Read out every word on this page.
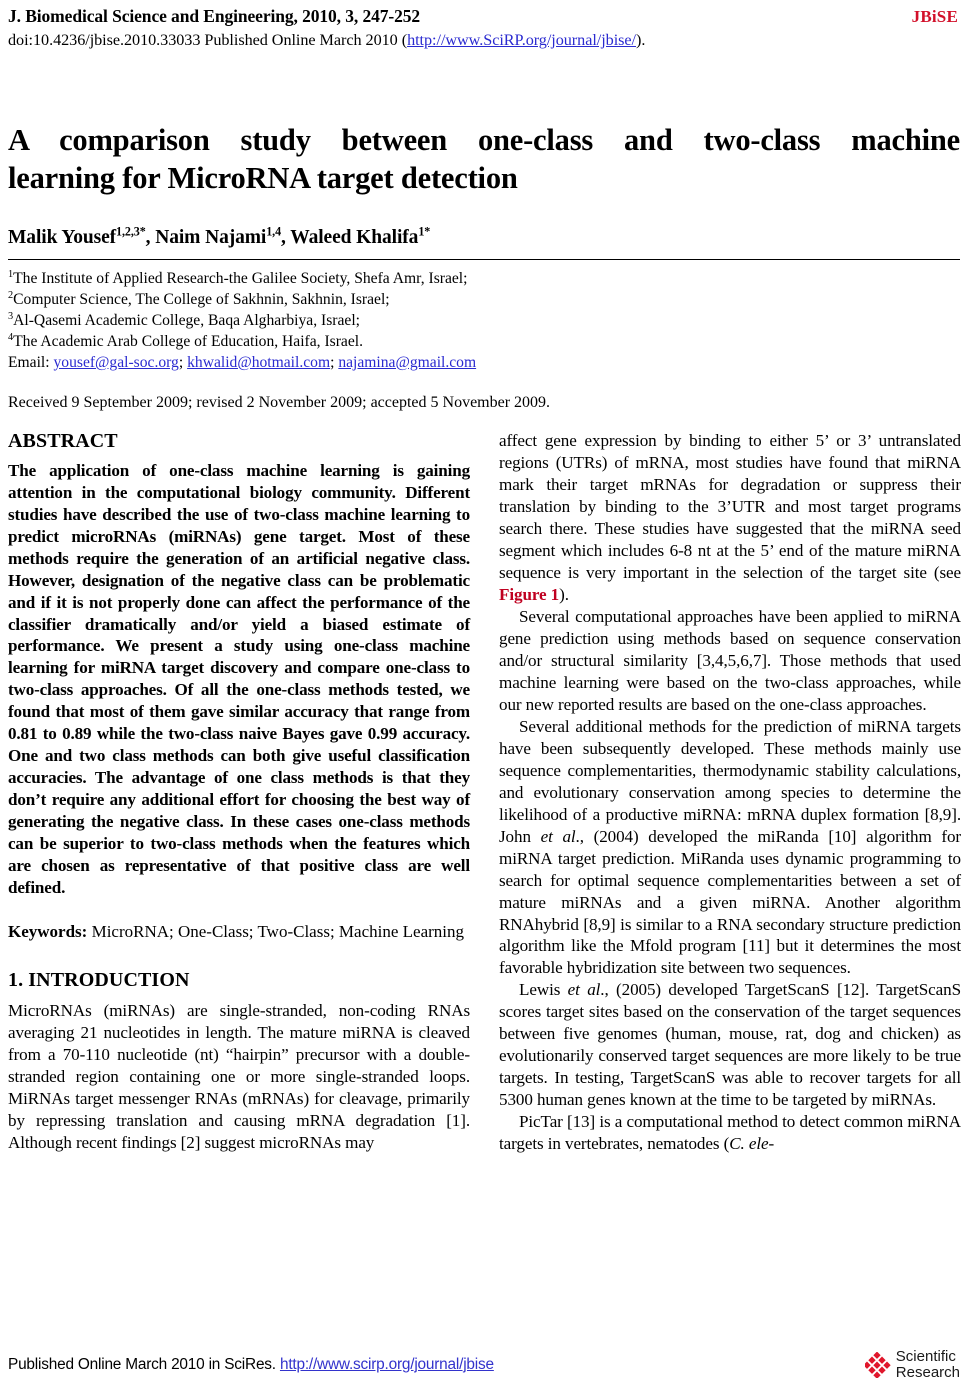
J. Biomedical Science and Engineering, 2010, 3, 247-252	JBiSE
doi:10.4236/jbise.2010.33033 Published Online March 2010 (http://www.SciRP.org/journal/jbise/).
A comparison study between one-class and two-class machine
learning for MicroRNA target detection
Malik Yousef$^{1,2,3*}$, Naim Najami$^{1,4}$, Waleed Khalifa$^{1*}$
$^1$The Institute of Applied Research-the Galilee Society, Shefa Amr, Israel;
$^2$Computer Science, The College of Sakhnin, Sakhnin, Israel;
$^3$Al-Qasemi Academic College, Baqa Algharbiya, Israel;
$^4$The Academic Arab College of Education, Haifa, Israel.
Email: yousef@gal-soc.org; khwalid@hotmail.com; najamina@gmail.com
Received 9 September 2009; revised 2 November 2009; accepted 5 November 2009.
ABSTRACT

The application of one-class machine learning is gaining attention in the computational biology community. Different studies have described the use of two-class machine learning to predict microRNAs (miRNAs) gene target. Most of these methods require the generation of an artificial negative class. However, designation of the negative class can be problematic and if it is not properly done can affect the performance of the classifier dramatically and/or yield a biased estimate of performance. We present a study using one-class machine learning for miRNA target discovery and compare one-class to two-class approaches. Of all the one-class methods tested, we found that most of them gave similar accuracy that range from 0.81 to 0.89 while the two-class naive Bayes gave 0.99 accuracy. One and two class methods can both give useful classification accuracies. The advantage of one class methods is that they don’t require any additional effort for choosing the best way of generating the negative class. In these cases one-class methods can be superior to two-class methods when the features which are chosen as representative of that positive class are well defined.

Keywords: MicroRNA; One-Class; Two-Class; Machine Learning

1. INTRODUCTION

MicroRNAs (miRNAs) are single-stranded, non-coding RNAs averaging 21 nucleotides in length. The mature miRNA is cleaved from a 70-110 nucleotide (nt) “hairpin” precursor with a double-stranded region containing one or more single-stranded loops. MiRNAs target messenger RNAs (mRNAs) for cleavage, primarily by repressing translation and causing mRNA degradation [1]. Although recent findings [2] suggest microRNAs may

affect gene expression by binding to either 5’ or 3’ untranslated regions (UTRs) of mRNA, most studies have found that miRNA mark their target mRNAs for degradation or suppress their translation by binding to the 3’UTR and most target programs search there. These studies have suggested that the miRNA seed segment which includes 6-8 nt at the 5’ end of the mature miRNA sequence is very important in the selection of the target site (see Figure 1).

Several computational approaches have been applied to miRNA gene prediction using methods based on sequence conservation and/or structural similarity [3,4,5,6,7]. Those methods that used machine learning were based on the two-class approaches, while our new reported results are based on the one-class approaches.

Several additional methods for the prediction of miRNA targets have been subsequently developed. These methods mainly use sequence complementarities, thermodynamic stability calculations, and evolutionary conservation among species to determine the likelihood of a productive miRNA: mRNA duplex formation [8,9]. John et al., (2004) developed the miRanda [10] algorithm for miRNA target prediction. MiRanda uses dynamic programming to search for optimal sequence complementarities between a set of mature miRNAs and a given miRNA. Another algorithm RNAhybrid [8,9] is similar to a RNA secondary structure prediction algorithm like the Mfold program [11] but it determines the most favorable hybridization site between two sequences.

Lewis et al., (2005) developed TargetScanS [12]. TargetScanS scores target sites based on the conservation of the target sequences between five genomes (human, mouse, rat, dog and chicken) as evolutionarily conserved target sequences are more likely to be true targets. In testing, TargetScanS was able to recover targets for all 5300 human genes known at the time to be targeted by miRNAs.

PicTar [13] is a computational method to detect common miRNA targets in vertebrates, nematodes (C. ele-

Published Online March 2010 in SciRes. http://www.scirp.org/journal/jbise	Scientific
Research
